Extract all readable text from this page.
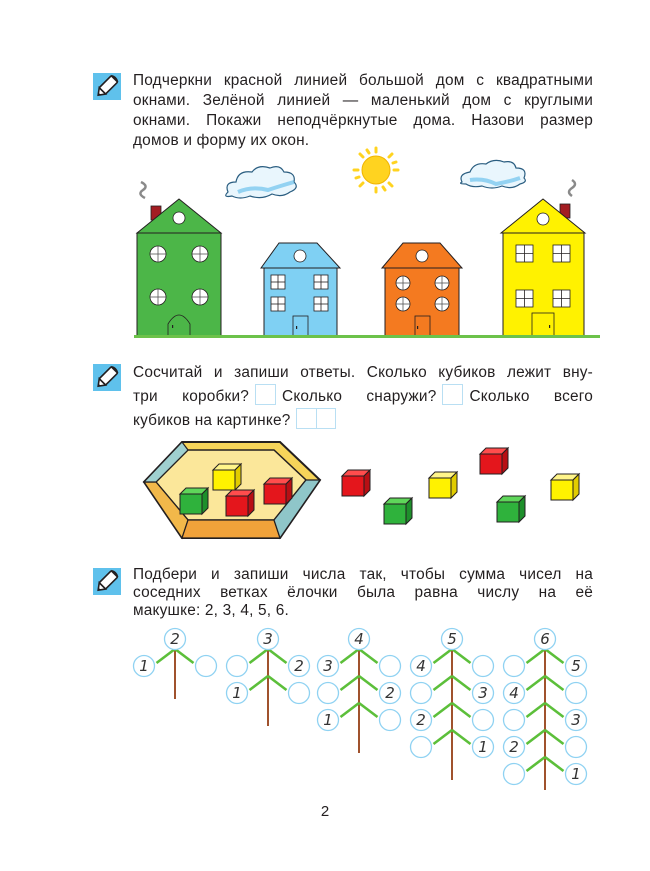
Подчеркни красной линией большой дом с квадратными
окнами. Зелёной линией — маленький дом с круглыми
окнами. Покажи неподчёркнутые дома. Назови размер
домов и форму их окон.
Сосчитай и запиши ответы. Сколько кубиков лежит вну-
три коробки? Сколько снаружи? Сколько всего
кубиков на картинке?
Подбери и запиши числа так, чтобы сумма чисел на
соседних ветках ёлочки была равна числу на её
макушке: 2, 3, 4, 5, 6.
1
2
2
1
3
3
2
1
4
4
3
2
1
5
5
4
3
2
1
6
2
